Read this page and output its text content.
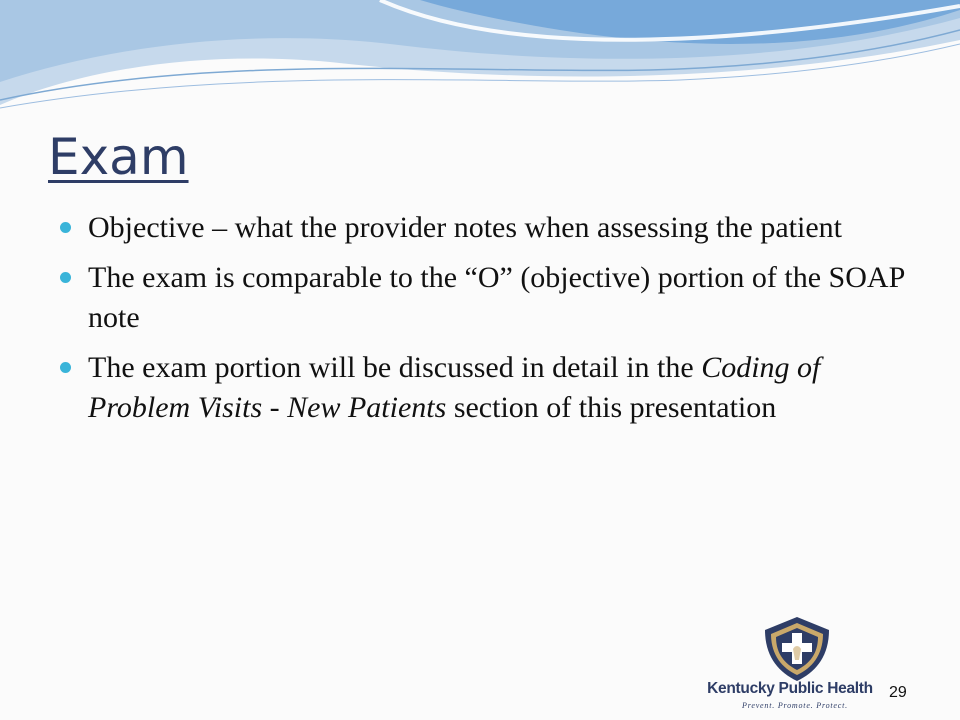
Exam
Objective – what the provider notes when assessing the patient
The exam is comparable to the “O” (objective) portion of the SOAP note
The exam portion will be discussed in detail in the Coding of Problem Visits - New Patients section of this presentation
Kentucky Public Health
Prevent. Promote. Protect.
29
